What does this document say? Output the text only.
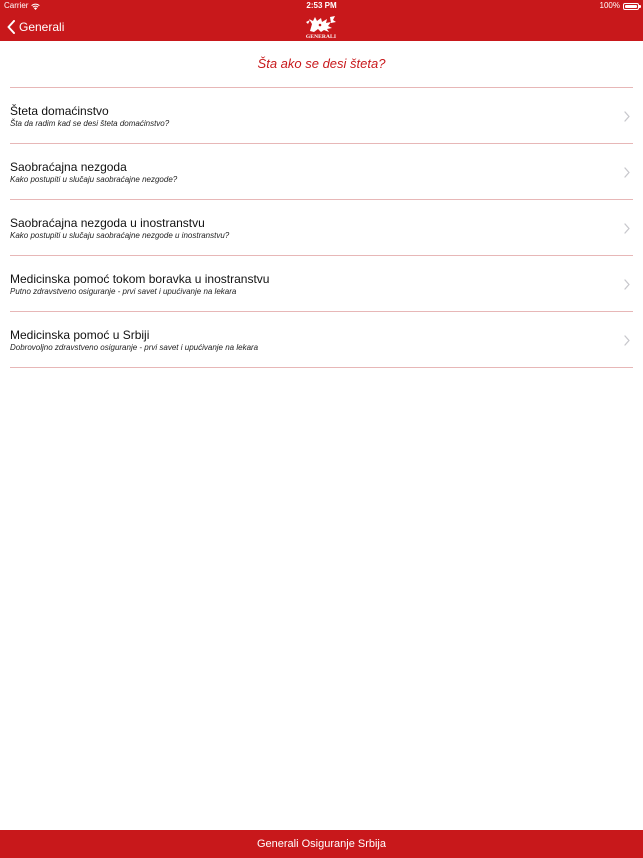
Carrier	2:53 PM	100%
Generali
GENERALI
Šta ako se desi šteta?
Šteta domaćinstvo
Šta da radim kad se desi šteta domaćinstvo?
Saobraćajna nezgoda
Kako postupiti u slučaju saobraćajne nezgode?
Saobraćajna nezgoda u inostranstvu
Kako postupiti u slučaju saobraćajne nezgode u inostranstvu?
Medicinska pomoć tokom boravka u inostranstvu
Putno zdravstveno osiguranje - prvi savet i upućivanje na lekara
Medicinska pomoć u Srbiji
Dobrovoljno zdravstveno osiguranje - prvi savet i upućivanje na lekara
Generali Osiguranje Srbija
